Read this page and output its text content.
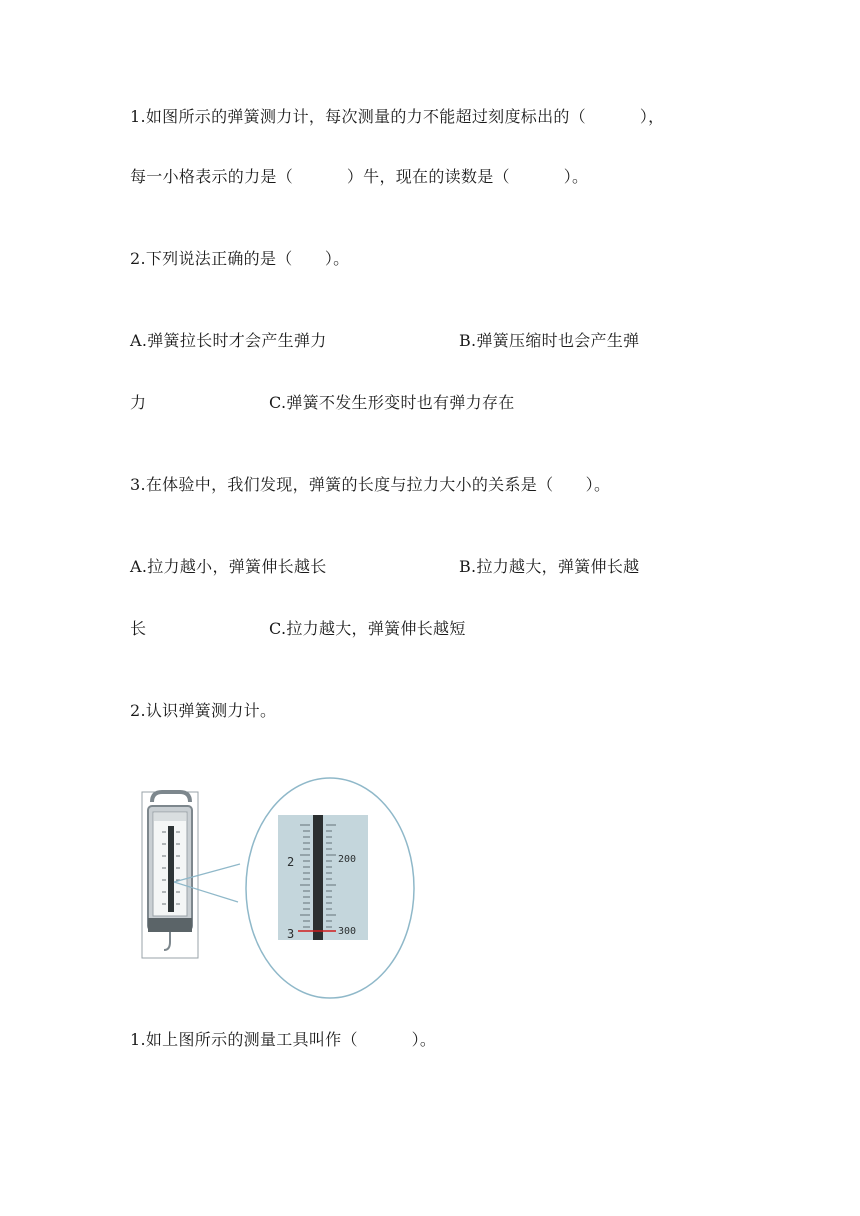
1.如图所示的弹簧测力计，每次测量的力不能超过刻度标出的（          ），
每一小格表示的力是（          ）牛，现在的读数是（          ）。
2.下列说法正确的是（      ）。
A.弹簧拉长时才会产生弹力	B.弹簧压缩时也会产生弹
力	C.弹簧不发生形变时也有弹力存在
3.在体验中，我们发现，弹簧的长度与拉力大小的关系是（      ）。
A.拉力越小，弹簧伸长越长	B.拉力越大，弹簧伸长越
长	C.拉力越大，弹簧伸长越短
2.认识弹簧测力计。
2	200
3	300
1.如上图所示的测量工具叫作（          ）。
